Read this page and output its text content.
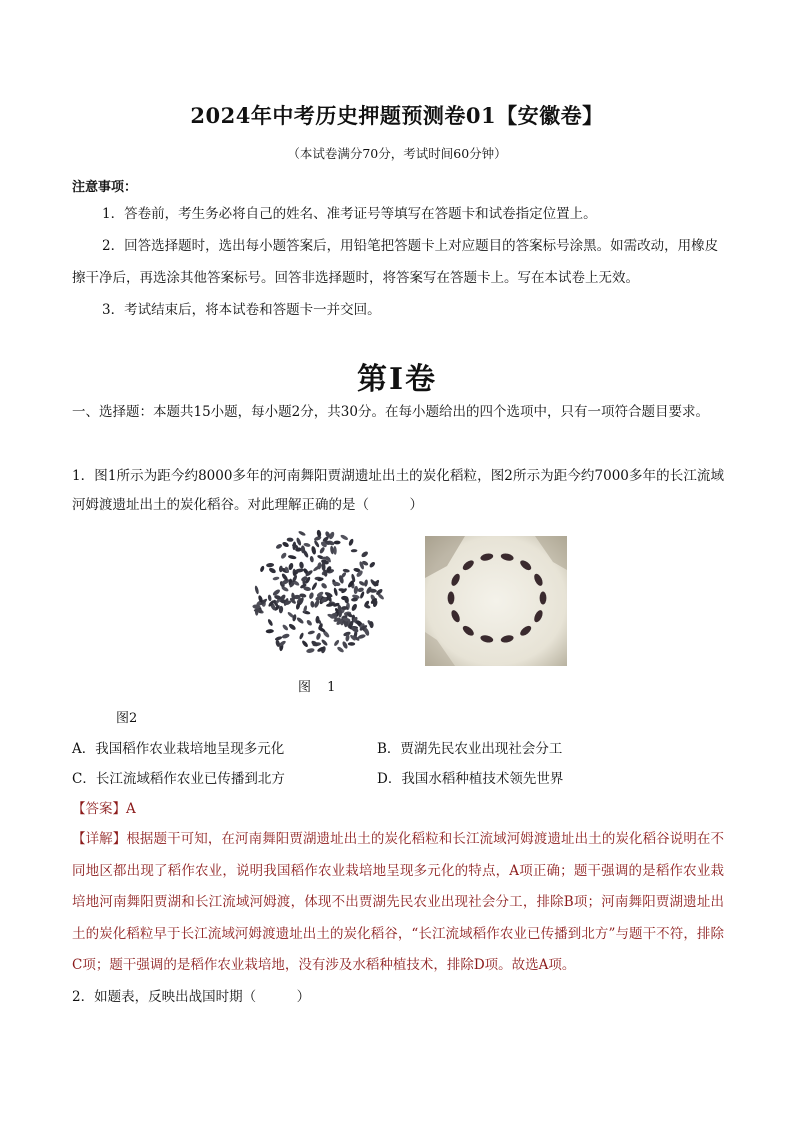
2024年中考历史押题预测卷01【安徽卷】
（本试卷满分70分，考试时间60分钟）
注意事项：
1．答卷前，考生务必将自己的姓名、准考证号等填写在答题卡和试卷指定位置上。
2．回答选择题时，选出每小题答案后，用铅笔把答题卡上对应题目的答案标号涂黑。如需改动，用橡皮擦干净后，再选涂其他答案标号。回答非选择题时，将答案写在答题卡上。写在本试卷上无效。
3．考试结束后，将本试卷和答题卡一并交回。
第I卷
一、选择题：本题共15小题，每小题2分，共30分。在每小题给出的四个选项中，只有一项符合题目要求。
1．图1所示为距今约8000多年的河南舞阳贾湖遗址出土的炭化稻粒，图2所示为距今约7000多年的长江流域河姆渡遗址出土的炭化稻谷。对此理解正确的是（　　　）
图 1
图2
A．我国稻作农业栽培地呈现多元化	B．贾湖先民农业出现社会分工
C．长江流域稻作农业已传播到北方	D．我国水稻种植技术领先世界
【答案】A
【详解】根据题干可知，在河南舞阳贾湖遗址出土的炭化稻粒和长江流域河姆渡遗址出土的炭化稻谷说明在不同地区都出现了稻作农业，说明我国稻作农业栽培地呈现多元化的特点，A项正确；题干强调的是稻作农业栽培地河南舞阳贾湖和长江流域河姆渡，体现不出贾湖先民农业出现社会分工，排除B项；河南舞阳贾湖遗址出土的炭化稻粒早于长江流域河姆渡遗址出土的炭化稻谷，“长江流域稻作农业已传播到北方”与题干不符，排除C项；题干强调的是稻作农业栽培地，没有涉及水稻种植技术，排除D项。故选A项。
2．如题表，反映出战国时期（　　　）
